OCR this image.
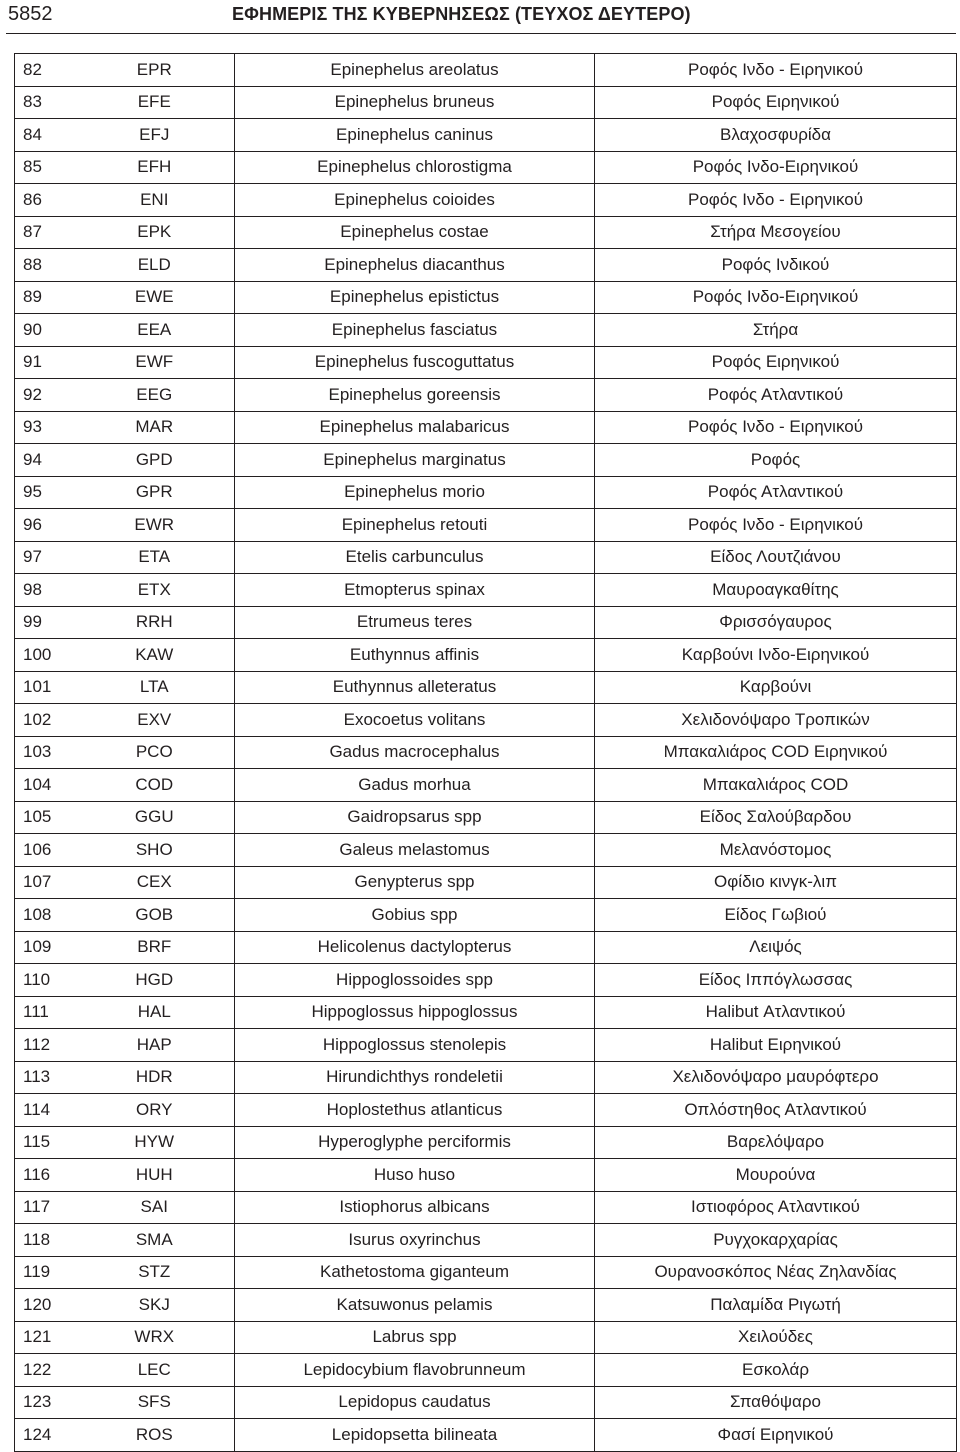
5852	ΕΦΗΜΕΡΙΣ ΤΗΣ ΚΥΒΕΡΝΗΣΕΩΣ (ΤΕΥΧΟΣ ΔΕΥΤΕΡΟ)
82	EPR	Epinephelus areolatus	Ροφός Ινδο - Ειρηνικού
83	EFE	Epinephelus bruneus	Ροφός Ειρηνικού
84	EFJ	Epinephelus caninus	Βλαχοσφυρίδα
85	EFH	Epinephelus chlorostigma	Ροφός Ινδο-Ειρηνικού
86	ENI	Epinephelus coioides	Ροφός Ινδο - Ειρηνικού
87	EPK	Epinephelus costae	Στήρα Μεσογείου
88	ELD	Epinephelus diacanthus	Ροφός Ινδικού
89	EWE	Epinephelus epistictus	Ροφός Ινδο-Ειρηνικού
90	EEA	Epinephelus fasciatus	Στήρα
91	EWF	Epinephelus fuscoguttatus	Ροφός Ειρηνικού
92	EEG	Epinephelus goreensis	Ροφός Ατλαντικού
93	MAR	Epinephelus malabaricus	Ροφός Ινδο - Ειρηνικού
94	GPD	Epinephelus marginatus	Ροφός
95	GPR	Epinephelus morio	Ροφός Ατλαντικού
96	EWR	Epinephelus retouti	Ροφός Ινδο - Ειρηνικού
97	ETA	Etelis carbunculus	Είδος Λουτζιάνου
98	ETX	Etmopterus spinax	Μαυροαγκαθίτης
99	RRH	Etrumeus teres	Φρισσόγαυρος
100	KAW	Euthynnus affinis	Καρβούνι Ινδο-Ειρηνικού
101	LTA	Euthynnus alleteratus	Καρβούνι
102	EXV	Exocoetus volitans	Χελιδονόψαρο Τροπικών
103	PCO	Gadus macrocephalus	Μπακαλιάρος COD Ειρηνικού
104	COD	Gadus morhua	Μπακαλιάρος COD
105	GGU	Gaidropsarus spp	Είδος Σαλούβαρδου
106	SHO	Galeus melastomus	Μελανόστομος
107	CEX	Genypterus spp	Οφίδιο κινγκ-λιπ
108	GOB	Gobius spp	Είδος Γωβιού
109	BRF	Helicolenus dactylopterus	Λειψός
110	HGD	Hippoglossoides spp	Είδος Ιππόγλωσσας
111	HAL	Hippoglossus hippoglossus	Halibut Ατλαντικού
112	HAP	Hippoglossus stenolepis	Halibut Ειρηνικού
113	HDR	Hirundichthys rondeletii	Χελιδονόψαρο μαυρόφτερο
114	ORY	Hoplostethus atlanticus	Οπλόστηθος Ατλαντικού
115	HYW	Hyperoglyphe perciformis	Βαρελόψαρο
116	HUH	Huso huso	Μουρούνα
117	SAI	Istiophorus albicans	Ιστιοφόρος Ατλαντικού
118	SMA	Isurus oxyrinchus	Ρυγχοκαρχαρίας
119	STZ	Kathetostoma giganteum	Ουρανοσκόπος Νέας Ζηλανδίας
120	SKJ	Katsuwonus pelamis	Παλαμίδα Ριγωτή
121	WRX	Labrus spp	Χειλούδες
122	LEC	Lepidocybium flavobrunneum	Εσκολάρ
123	SFS	Lepidopus caudatus	Σπαθόψαρο
124	ROS	Lepidopsetta bilineata	Φασί Ειρηνικού
